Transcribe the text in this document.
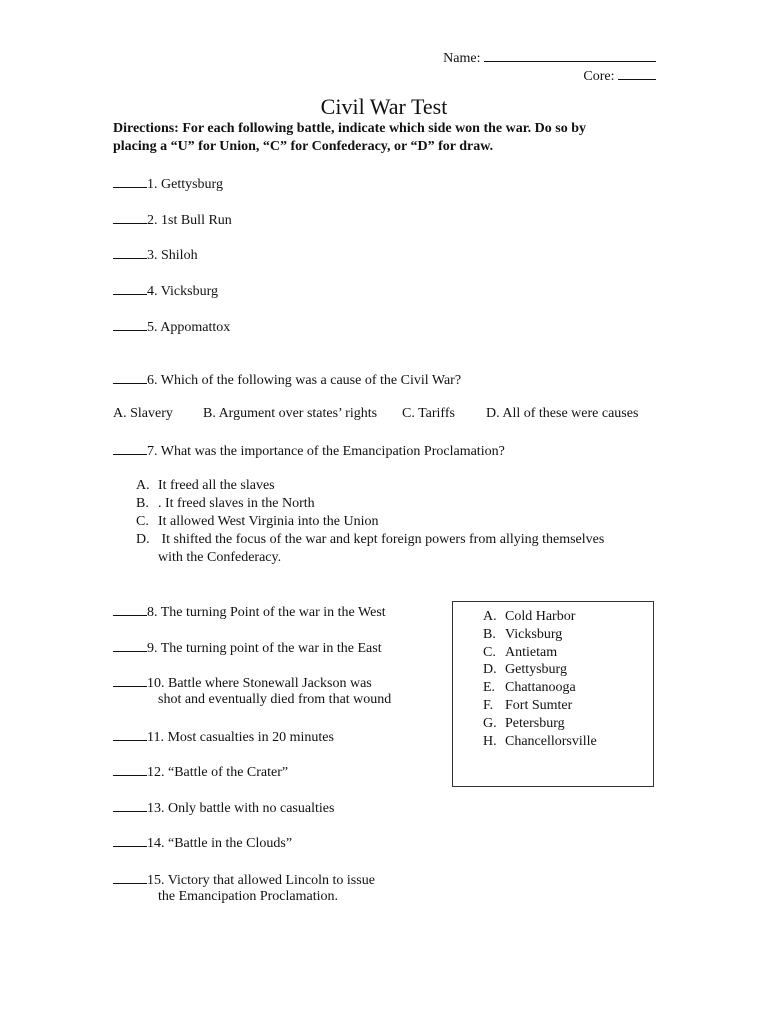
Name:
Core:
Civil War Test
Directions: For each following battle, indicate which side won the war. Do so by
placing a “U” for Union, “C” for Confederacy, or “D” for draw.
1. Gettysburg
2. 1st Bull Run
3. Shiloh
4. Vicksburg
5. Appomattox
6. Which of the following was a cause of the Civil War?
A. Slavery B. Argument over states’ rights C. Tariffs D. All of these were causes
7. What was the importance of the Emancipation Proclamation?
A. It freed all the slaves
B. . It freed slaves in the North
C. It allowed West Virginia into the Union
D. It shifted the focus of the war and kept foreign powers from allying themselves
with the Confederacy.
8. The turning Point of the war in the West
9. The turning point of the war in the East
10. Battle where Stonewall Jackson was
shot and eventually died from that wound
11. Most casualties in 20 minutes
12. “Battle of the Crater”
13. Only battle with no casualties
14. “Battle in the Clouds”
15. Victory that allowed Lincoln to issue
the Emancipation Proclamation.
A. Cold Harbor
B. Vicksburg
C. Antietam
D. Gettysburg
E. Chattanooga
F. Fort Sumter
G. Petersburg
H. Chancellorsville
